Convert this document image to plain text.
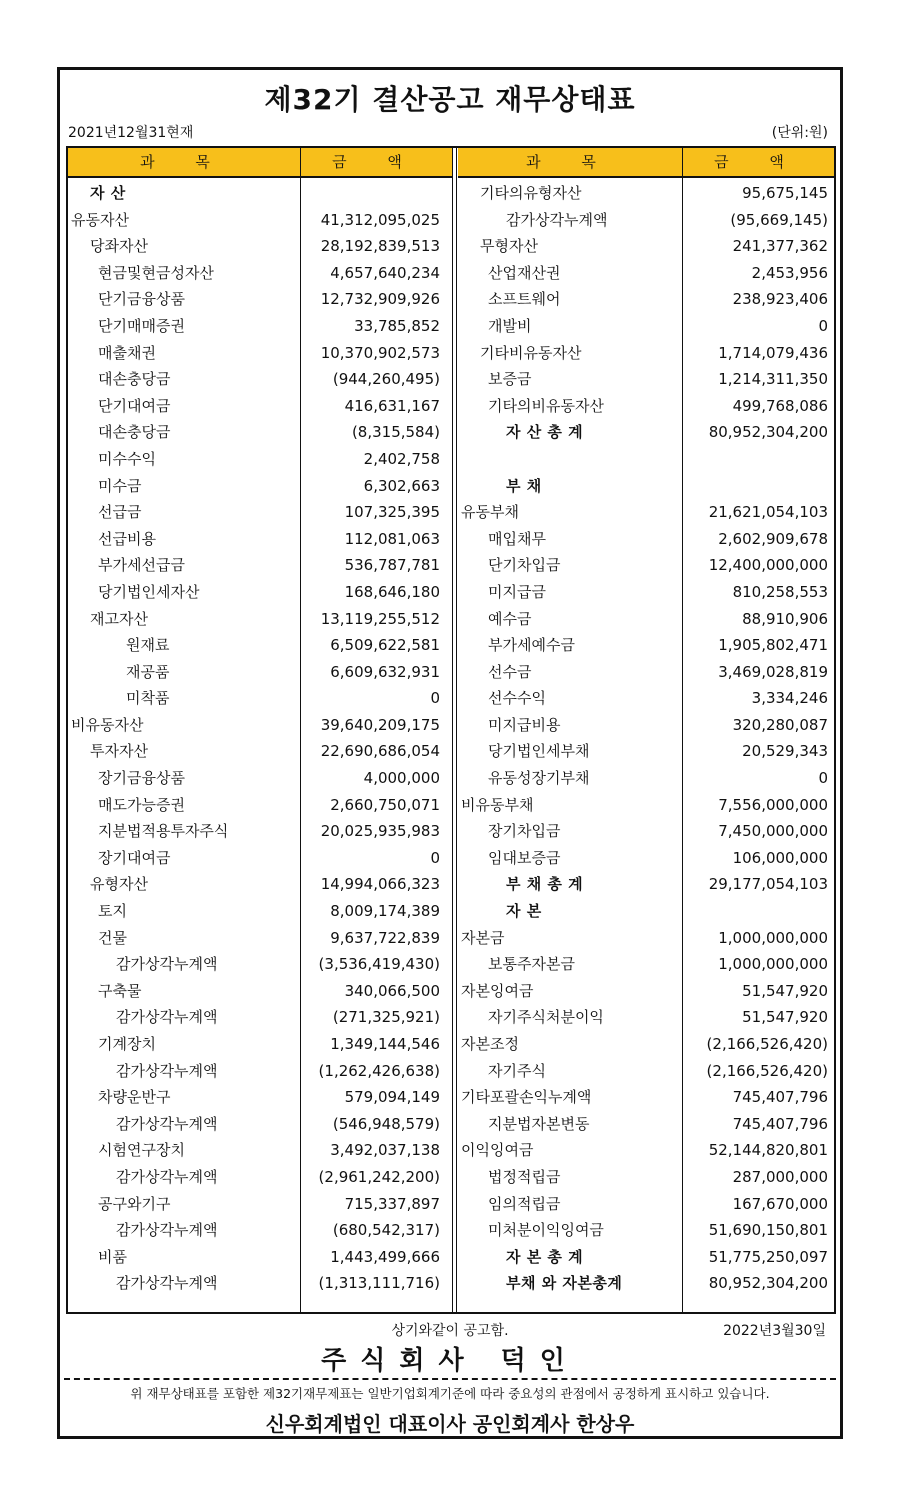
제32기 결산공고 재무상태표
2021년12월31현재	(단위:원)
과 목	금 액	과 목	금 액
자 산
유동자산	41,312,095,025
당좌자산	28,192,839,513
현금및현금성자산	4,657,640,234
단기금융상품	12,732,909,926
단기매매증권	33,785,852
매출채권	10,370,902,573
대손충당금	(944,260,495)
단기대여금	416,631,167
대손충당금	(8,315,584)
미수수익	2,402,758
미수금	6,302,663
선급금	107,325,395
선급비용	112,081,063
부가세선급금	536,787,781
당기법인세자산	168,646,180
재고자산	13,119,255,512
원재료	6,509,622,581
재공품	6,609,632,931
미착품	0
비유동자산	39,640,209,175
투자자산	22,690,686,054
장기금융상품	4,000,000
매도가능증권	2,660,750,071
지분법적용투자주식	20,025,935,983
장기대여금	0
유형자산	14,994,066,323
토지	8,009,174,389
건물	9,637,722,839
감가상각누계액	(3,536,419,430)
구축물	340,066,500
감가상각누계액	(271,325,921)
기계장치	1,349,144,546
감가상각누계액	(1,262,426,638)
차량운반구	579,094,149
감가상각누계액	(546,948,579)
시험연구장치	3,492,037,138
감가상각누계액	(2,961,242,200)
공구와기구	715,337,897
감가상각누계액	(680,542,317)
비품	1,443,499,666
감가상각누계액	(1,313,111,716)
기타의유형자산	95,675,145
감가상각누계액	(95,669,145)
무형자산	241,377,362
산업재산권	2,453,956
소프트웨어	238,923,406
개발비	0
기타비유동자산	1,714,079,436
보증금	1,214,311,350
기타의비유동자산	499,768,086
자 산 총 계	80,952,304,200
부 채
유동부채	21,621,054,103
매입채무	2,602,909,678
단기차입금	12,400,000,000
미지급금	810,258,553
예수금	88,910,906
부가세예수금	1,905,802,471
선수금	3,469,028,819
선수수익	3,334,246
미지급비용	320,280,087
당기법인세부채	20,529,343
유동성장기부채	0
비유동부채	7,556,000,000
장기차입금	7,450,000,000
임대보증금	106,000,000
부 채 총 계	29,177,054,103
자 본
자본금	1,000,000,000
보통주자본금	1,000,000,000
자본잉여금	51,547,920
자기주식처분이익	51,547,920
자본조정	(2,166,526,420)
자기주식	(2,166,526,420)
기타포괄손익누계액	745,407,796
지분법자본변동	745,407,796
이익잉여금	52,144,820,801
법정적립금	287,000,000
임의적립금	167,670,000
미처분이익잉여금	51,690,150,801
자 본 총 계	51,775,250,097
부채 와 자본총계	80,952,304,200
상기와같이 공고함.	2022년3월30일
주식회사 덕인
위 재무상태표를 포함한 제32기재무제표는 일반기업회계기준에 따라 중요성의 관점에서 공정하게 표시하고 있습니다.
신우회계법인 대표이사 공인회계사 한상우
